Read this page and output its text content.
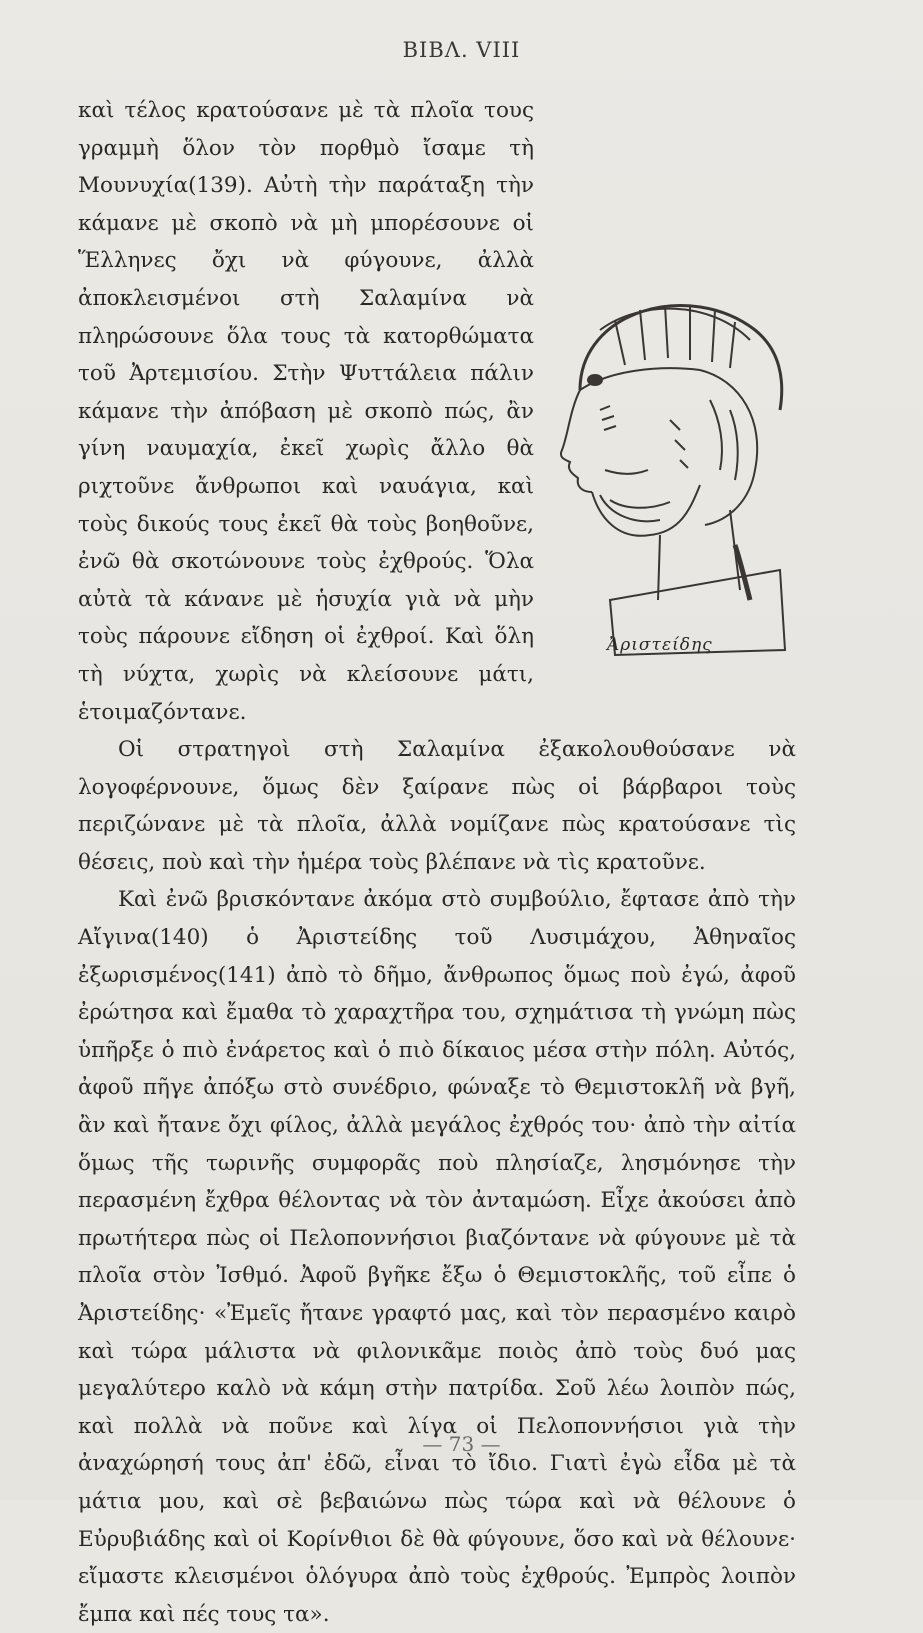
ΒΙΒΛ. VIII

καὶ τέλος κρατούσανε μὲ τὰ πλοῖα τους γραμμὴ ὅλον τὸν πορθμὸ ἴσαμε τὴ Μουνυχία(139). Αὐτὴ τὴν παράταξη τὴν κάμανε μὲ σκοπὸ νὰ μὴ μπορέσουνε οἱ Ἕλληνες ὄχι νὰ φύγουνε, ἀλλὰ ἀποκλεισμένοι στὴ Σαλαμίνα νὰ πληρώσουνε ὅλα τους τὰ κατορθώματα τοῦ Ἀρτεμισίου. Στὴν Ψυττάλεια πάλιν κάμανε τὴν ἀπόβαση μὲ σκοπὸ πώς, ἂν γίνη ναυμαχία, ἐκεῖ χωρὶς ἄλλο θὰ ριχτοῦνε ἄνθρωποι καὶ ναυάγια, καὶ τοὺς δικούς τους ἐκεῖ θὰ τοὺς βοηθοῦνε, ἐνῶ θὰ σκοτώνουνε τοὺς ἐχθρούς. Ὅλα αὐτὰ τὰ κάνανε μὲ ἡσυχία γιὰ νὰ μὴν τοὺς πάρουνε εἴδηση οἱ ἐχθροί. Καὶ ὅλη τὴ νύχτα, χωρὶς νὰ κλείσουνε μάτι, ἑτοιμαζόντανε.

Οἱ στρατηγοὶ στὴ Σαλαμίνα ἐξακολουθούσανε νὰ λογοφέρνουνε, ὅμως δὲν ξαίρανε πὼς οἱ βάρβαροι τοὺς περιζώνανε μὲ τὰ πλοῖα, ἀλλὰ νομίζανε πὼς κρατούσανε τὶς θέσεις, ποὺ καὶ τὴν ἡμέρα τοὺς βλέπανε νὰ τὶς κρατοῦνε.

Καὶ ἐνῶ βρισκόντανε ἀκόμα στὸ συμβούλιο, ἔφτασε ἀπὸ τὴν Αἴγινα(140) ὁ Ἀριστείδης τοῦ Λυσιμάχου, Ἀθηναῖος ἐξωρισμένος(141) ἀπὸ τὸ δῆμο, ἄνθρωπος ὅμως ποὺ ἐγώ, ἀφοῦ ἐρώτησα καὶ ἔμαθα τὸ χαραχτῆρα του, σχημάτισα τὴ γνώμη πὼς ὑπῆρξε ὁ πιὸ ἐνάρετος καὶ ὁ πιὸ δίκαιος μέσα στὴν πόλη. Αὐτός, ἀφοῦ πῆγε ἀπόξω στὸ συνέδριο, φώναξε τὸ Θεμιστοκλῆ νὰ βγῆ, ἂν καὶ ἤτανε ὄχι φίλος, ἀλλὰ μεγάλος ἐχθρός του· ἀπὸ τὴν αἰτία ὅμως τῆς τωρινῆς συμφορᾶς ποὺ πλησίαζε, λησμόνησε τὴν περασμένη ἔχθρα θέλοντας νὰ τὸν ἀνταμώση. Εἶχε ἀκούσει ἀπὸ πρωτήτερα πὼς οἱ Πελοποννήσιοι βιαζόντανε νὰ φύγουνε μὲ τὰ πλοῖα στὸν Ἰσθμό. Ἀφοῦ βγῆκε ἔξω ὁ Θεμιστοκλῆς, τοῦ εἶπε ὁ Ἀριστείδης· «Ἐμεῖς ἤτανε γραφτό μας, καὶ τὸν περασμένο καιρὸ καὶ τώρα μάλιστα νὰ φιλονικᾶμε ποιὸς ἀπὸ τοὺς δυό μας μεγαλύτερο καλὸ νὰ κάμη στὴν πατρίδα. Σοῦ λέω λοιπὸν πώς, καὶ πολλὰ νὰ ποῦνε καὶ λίγα οἱ Πελοποννήσιοι γιὰ τὴν ἀναχώρησή τους ἀπ' ἐδῶ, εἶναι τὸ ἴδιο. Γιατὶ ἐγὼ εἶδα μὲ τὰ μάτια μου, καὶ σὲ βεβαιώνω πὼς τώρα καὶ νὰ θέλουνε ὁ Εὐρυβιάδης καὶ οἱ Κορίνθιοι δὲ θὰ φύγουνε, ὅσο καὶ νὰ θέλουνε· εἴμαστε κλεισμένοι ὁλόγυρα ἀπὸ τοὺς ἐχθρούς. Ἐμπρὸς λοιπὸν ἔμπα καὶ πές τους τα».

Ἀριστείδης
— 73 —
